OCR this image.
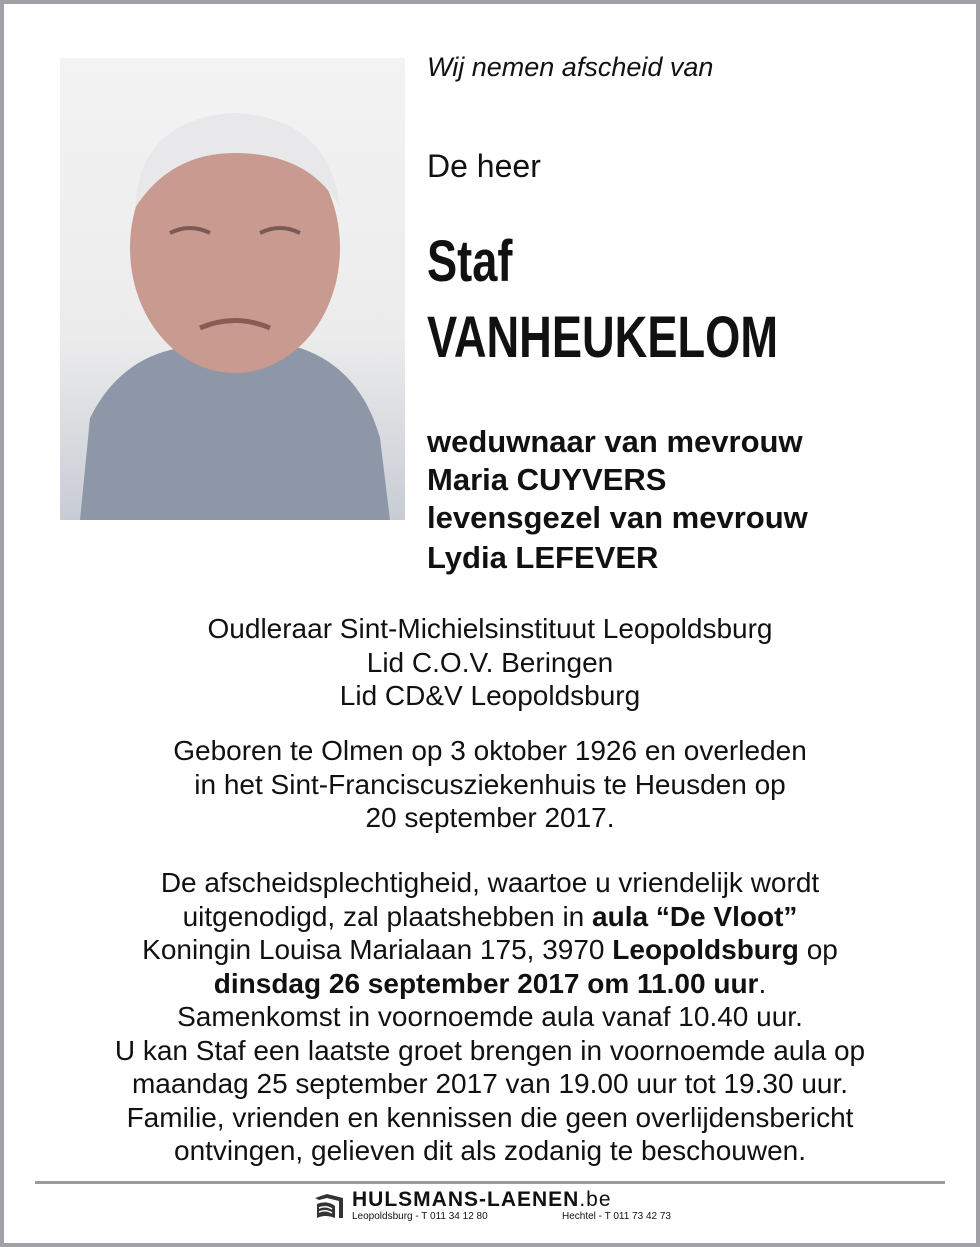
Wij nemen afscheid van
De heer
Staf
VANHEUKELOM
weduwnaar van mevrouw
Maria CUYVERS
levensgezel van mevrouw
Lydia LEFEVER
Oudleraar Sint-Michielsinstituut Leopoldsburg
Lid C.O.V. Beringen
Lid CD&V Leopoldsburg
Geboren te Olmen op 3 oktober 1926 en overleden
in het Sint-Franciscusziekenhuis te Heusden op
20 september 2017.
De afscheidsplechtigheid, waartoe u vriendelijk wordt
uitgenodigd, zal plaatshebben in aula “De Vloot”
Koningin Louisa Marialaan 175, 3970 Leopoldsburg op
dinsdag 26 september 2017 om 11.00 uur.
Samenkomst in voornoemde aula vanaf 10.40 uur.
U kan Staf een laatste groet brengen in voornoemde aula op
maandag 25 september 2017 van 19.00 uur tot 19.30 uur.
Familie, vrienden en kennissen die geen overlijdensbericht
ontvingen, gelieven dit als zodanig te beschouwen.
HULSMANS-LAENEN.be
Leopoldsburg - T 011 34 12 80	Hechtel - T 011 73 42 73
